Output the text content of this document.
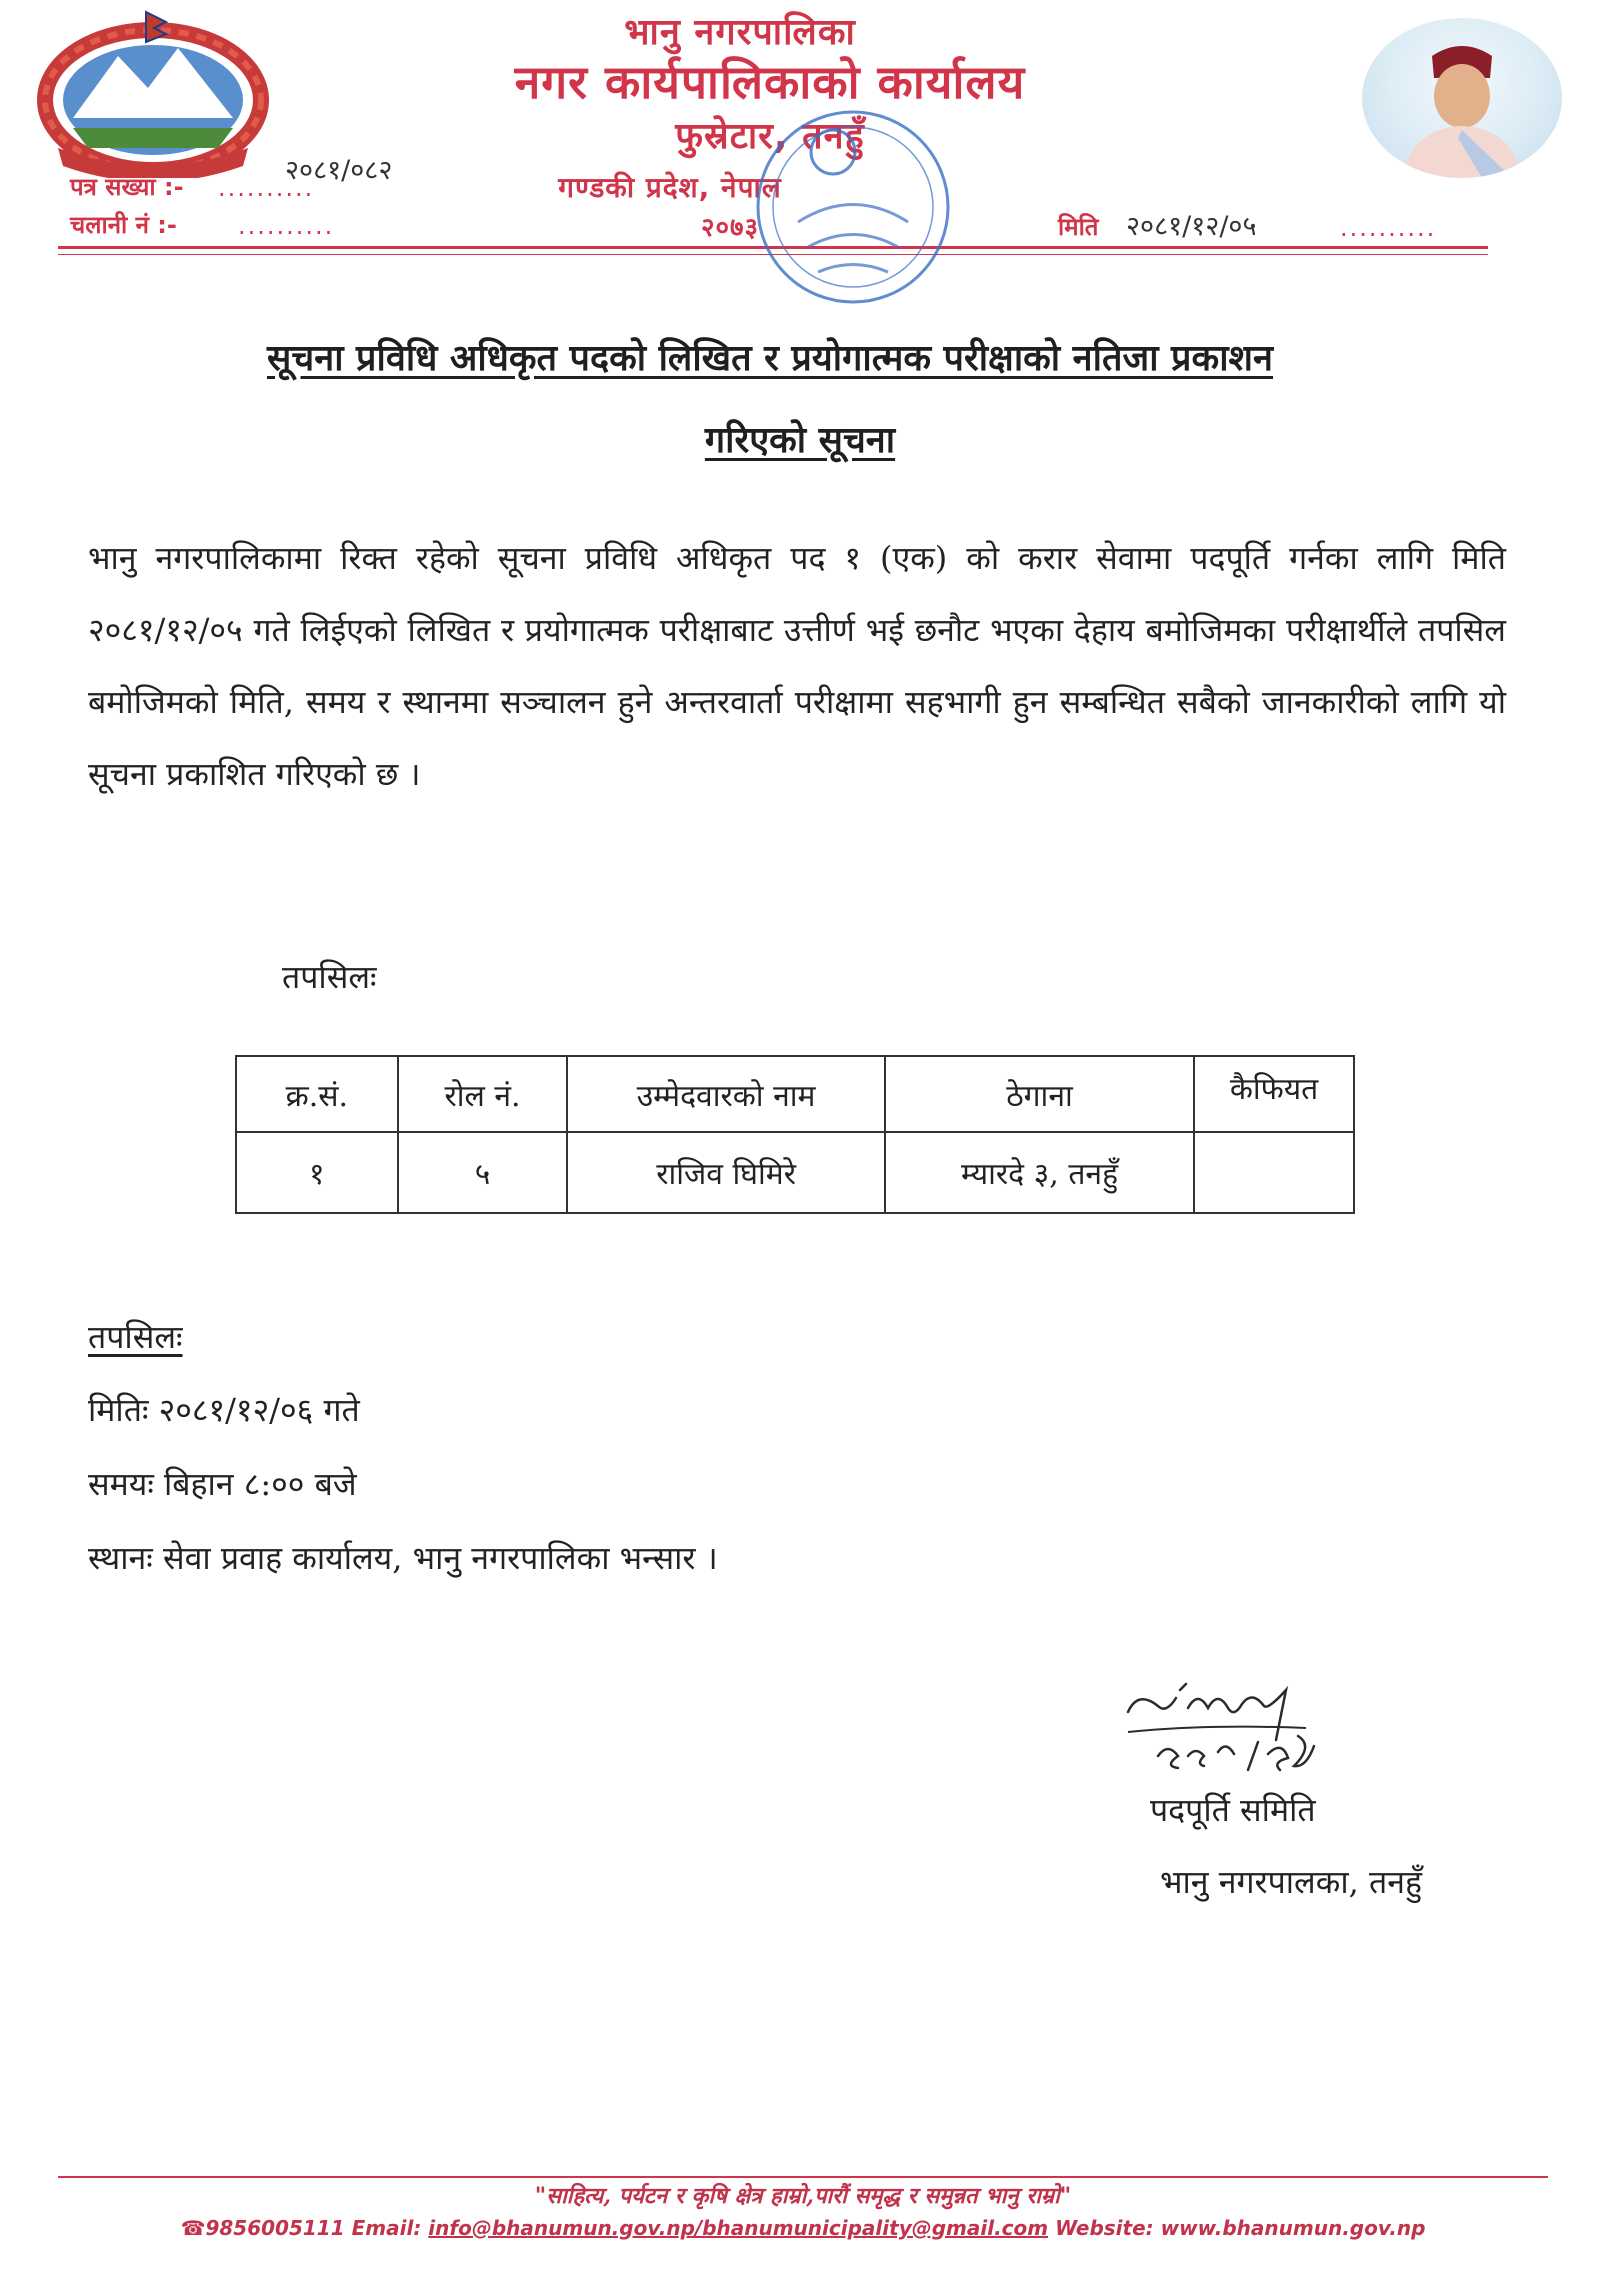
भानु नगरपालिका
नगर कार्यपालिकाको कार्यालय
फुस्रेटार, तनहुँ
गण्डकी प्रदेश, नेपाल
२०७३
पत्र संख्या :- ..........
२०८१/०८२
चलानी नं :-	..........	मिति २०८१/१२/०५	..........
सूचना प्रविधि अधिकृत पदको लिखित र प्रयोगात्मक परीक्षाको नतिजा प्रकाशन
गरिएको सूचना
भानु नगरपालिकामा रिक्त रहेको सूचना प्रविधि अधिकृत पद १ (एक) को करार सेवामा पदपूर्ति गर्नका लागि मिति २०८१/१२/०५ गते लिईएको लिखित र प्रयोगात्मक परीक्षाबाट उत्तीर्ण भई छनौट भएका देहाय बमोजिमका परीक्षार्थीले तपसिल बमोजिमको मिति, समय र स्थानमा सञ्चालन हुने अन्तरवार्ता परीक्षामा सहभागी हुन सम्बन्धित सबैको जानकारीको लागि यो सूचना प्रकाशित गरिएको छ ।
तपसिलः
क्र.सं.	रोल नं.	उम्मेदवारको नाम	ठेगाना	कैफियत
१	५	राजिव घिमिरे	म्यारदे ३, तनहुँ	
तपसिलः
मितिः २०८१/१२/०६ गते
समयः बिहान ८:०० बजे
स्थानः सेवा प्रवाह कार्यालय, भानु नगरपालिका भन्सार ।
पदपूर्ति समिति
भानु नगरपालका, तनहुँ
"साहित्य, पर्यटन र कृषि क्षेत्र हाम्रो,पारौं समृद्ध र समुन्नत भानु राम्रो"
☎9856005111 Email: info@bhanumun.gov.np/bhanumunicipality@gmail.com Website: www.bhanumun.gov.np
